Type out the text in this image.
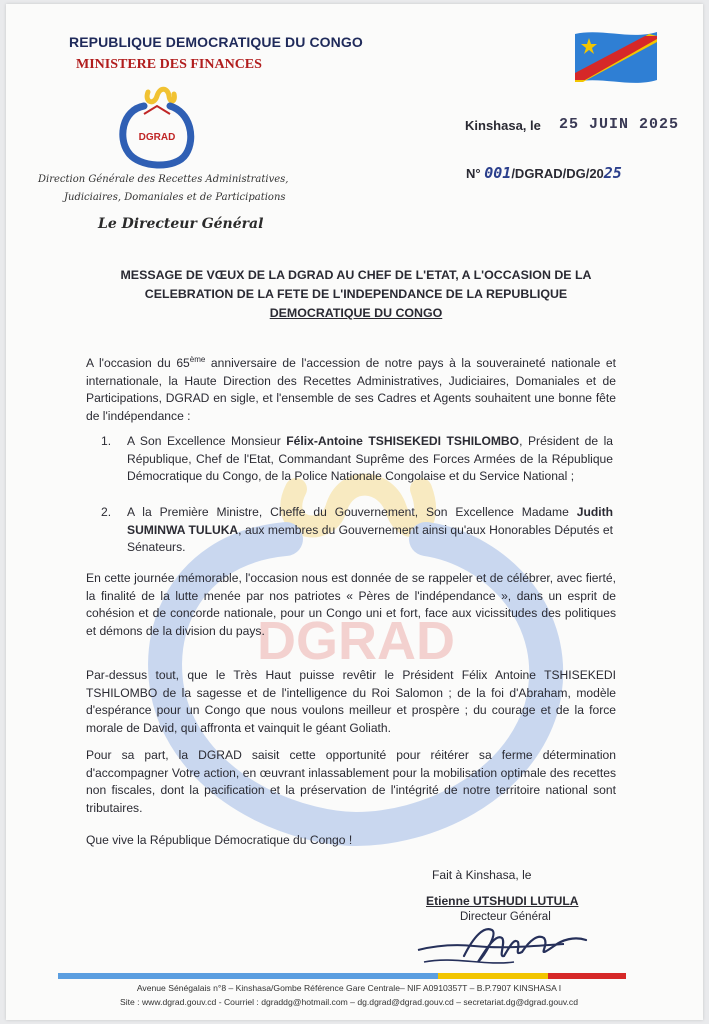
DGRAD
REPUBLIQUE DEMOCRATIQUE DU CONGO
MINISTERE DES FINANCES
DGRAD
Direction Générale des Recettes Administratives,
Judiciaires, Domaniales et de Participations
Le Directeur Général
Kinshasa, le 25 JUIN 2025
N° 001/DGRAD/DG/2025
MESSAGE DE VŒUX DE LA DGRAD AU CHEF DE L'ETAT, A L'OCCASION DE LA
CELEBRATION DE LA FETE DE L'INDEPENDANCE DE LA REPUBLIQUE
DEMOCRATIQUE DU CONGO
A l'occasion du 65ème anniversaire de l'accession de notre pays à la souveraineté nationale et internationale, la Haute Direction des Recettes Administratives, Judiciaires, Domaniales et de Participations, DGRAD en sigle, et l'ensemble de ses Cadres et Agents souhaitent une bonne fête de l'indépendance :
1. A Son Excellence Monsieur Félix-Antoine TSHISEKEDI TSHILOMBO, Président de la République, Chef de l'Etat, Commandant Suprême des Forces Armées de la République Démocratique du Congo, de la Police Nationale Congolaise et du Service National ;
2. A la Première Ministre, Cheffe du Gouvernement, Son Excellence Madame Judith SUMINWA TULUKA, aux membres du Gouvernement ainsi qu'aux Honorables Députés et Sénateurs.
En cette journée mémorable, l'occasion nous est donnée de se rappeler et de célébrer, avec fierté, la finalité de la lutte menée par nos patriotes « Pères de l'indépendance », dans un esprit de cohésion et de concorde nationale, pour un Congo uni et fort, face aux vicissitudes des politiques et démons de la division du pays.
Par-dessus tout, que le Très Haut puisse revêtir le Président Félix Antoine TSHISEKEDI TSHILOMBO de la sagesse et de l'intelligence du Roi Salomon ; de la foi d'Abraham, modèle d'espérance pour un Congo que nous voulons meilleur et prospère ; du courage et de la force morale de David, qui affronta et vainquit le géant Goliath.
Pour sa part, la DGRAD saisit cette opportunité pour réitérer sa ferme détermination d'accompagner Votre action, en œuvrant inlassablement pour la mobilisation optimale des recettes non fiscales, dont la pacification et la préservation de l'intégrité de notre territoire national sont tributaires.
Que vive la République Démocratique du Congo !
Fait à Kinshasa, le
Etienne UTSHUDI LUTULA
Directeur Général
Avenue Sénégalais n°8 – Kinshasa/Gombe Référence Gare Centrale– NIF A0910357T – B.P.7907 KINSHASA I
Site : www.dgrad.gouv.cd - Courriel : dgraddg@hotmail.com – dg.dgrad@dgrad.gouv.cd – secretariat.dg@dgrad.gouv.cd
